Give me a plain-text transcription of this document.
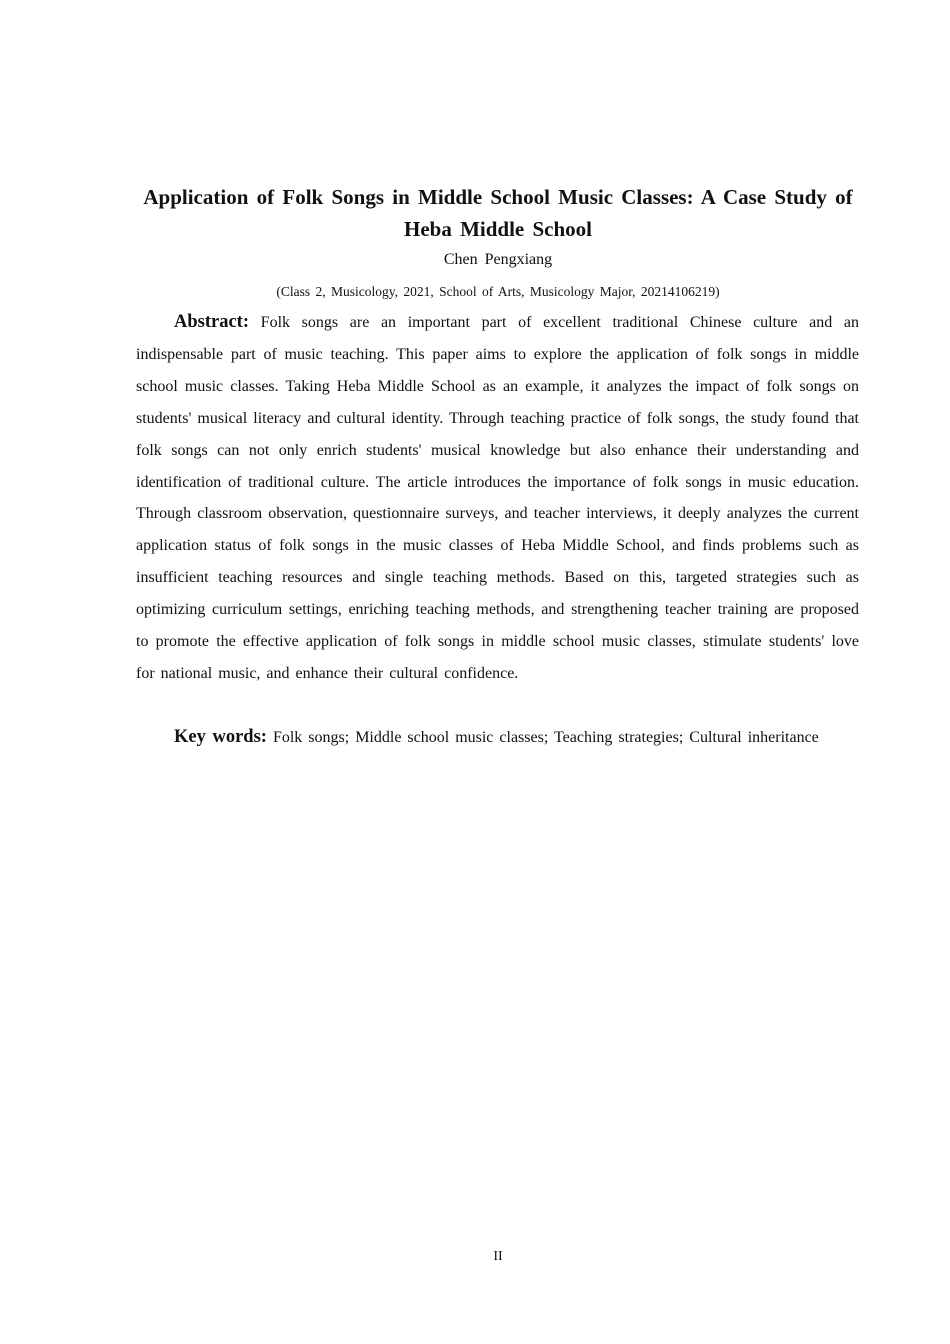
Application of Folk Songs in Middle School Music Classes: A Case Study of Heba Middle School
Chen Pengxiang
(Class 2, Musicology, 2021, School of Arts, Musicology Major, 20214106219)

Abstract: Folk songs are an important part of excellent traditional Chinese culture and an indispensable part of music teaching. This paper aims to explore the application of folk songs in middle school music classes. Taking Heba Middle School as an example, it analyzes the impact of folk songs on students' musical literacy and cultural identity. Through teaching practice of folk songs, the study found that folk songs can not only enrich students' musical knowledge but also enhance their understanding and identification of traditional culture. The article introduces the importance of folk songs in music education. Through classroom observation, questionnaire surveys, and teacher interviews, it deeply analyzes the current application status of folk songs in the music classes of Heba Middle School, and finds problems such as insufficient teaching resources and single teaching methods. Based on this, targeted strategies such as optimizing curriculum settings, enriching teaching methods, and strengthening teacher training are proposed to promote the effective application of folk songs in middle school music classes, stimulate students' love for national music, and enhance their cultural confidence.

Key words: Folk songs; Middle school music classes; Teaching strategies; Cultural inheritance

II
